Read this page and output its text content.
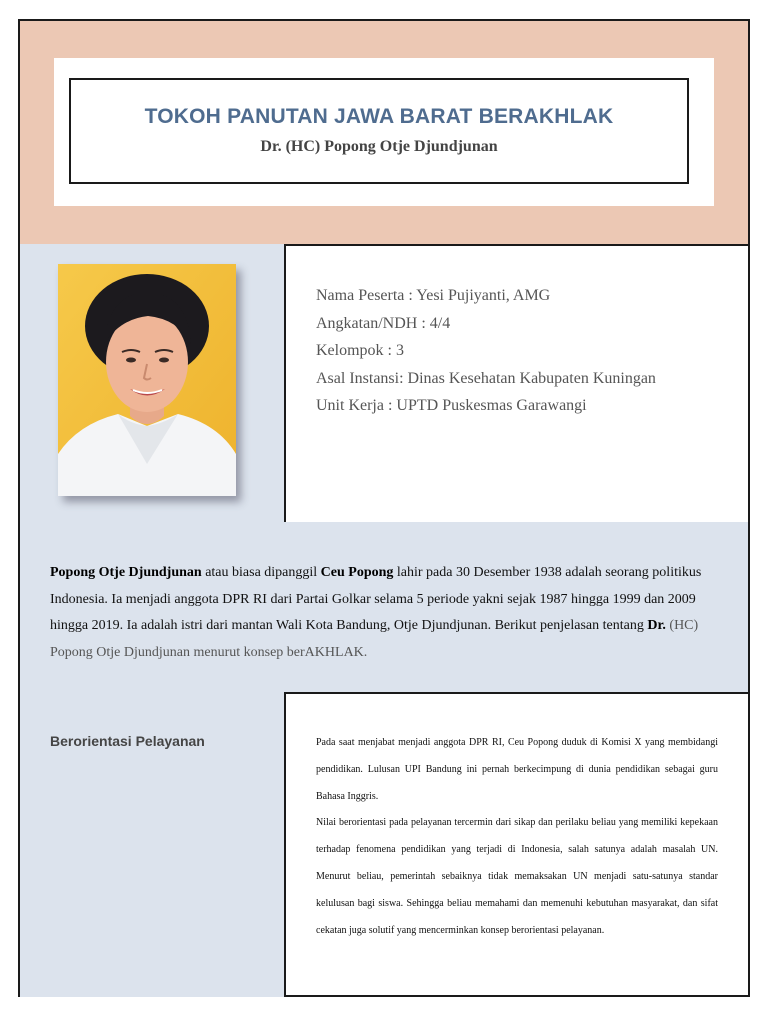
TOKOH PANUTAN JAWA BARAT BERAKHLAK
Dr. (HC) Popong Otje Djundjunan
Nama Peserta : Yesi Pujiyanti, AMG
Angkatan/NDH : 4/4
Kelompok : 3
Asal Instansi: Dinas Kesehatan Kabupaten Kuningan
Unit Kerja : UPTD Puskesmas Garawangi
Popong Otje Djundjunan atau biasa dipanggil Ceu Popong lahir pada 30 Desember 1938 adalah seorang politikus Indonesia. Ia menjadi anggota DPR RI dari Partai Golkar selama 5 periode yakni sejak 1987 hingga 1999 dan 2009 hingga 2019. Ia adalah istri dari mantan Wali Kota Bandung, Otje Djundjunan. Berikut penjelasan tentang Dr. (HC) Popong Otje Djundjunan menurut konsep berAKHLAK.
Berorientasi Pelayanan	Pada saat menjabat menjadi anggota DPR RI, Ceu Popong duduk di Komisi X yang membidangi pendidikan. Lulusan UPI Bandung ini pernah berkecimpung di dunia pendidikan sebagai guru Bahasa Inggris.

Nilai berorientasi pada pelayanan tercermin dari sikap dan perilaku beliau yang memiliki kepekaan terhadap fenomena pendidikan yang terjadi di Indonesia, salah satunya adalah masalah UN. Menurut beliau, pemerintah sebaiknya tidak memaksakan UN menjadi satu-satunya standar kelulusan bagi siswa. Sehingga beliau memahami dan memenuhi kebutuhan masyarakat, dan sifat cekatan juga solutif yang mencerminkan konsep berorientasi pelayanan.
